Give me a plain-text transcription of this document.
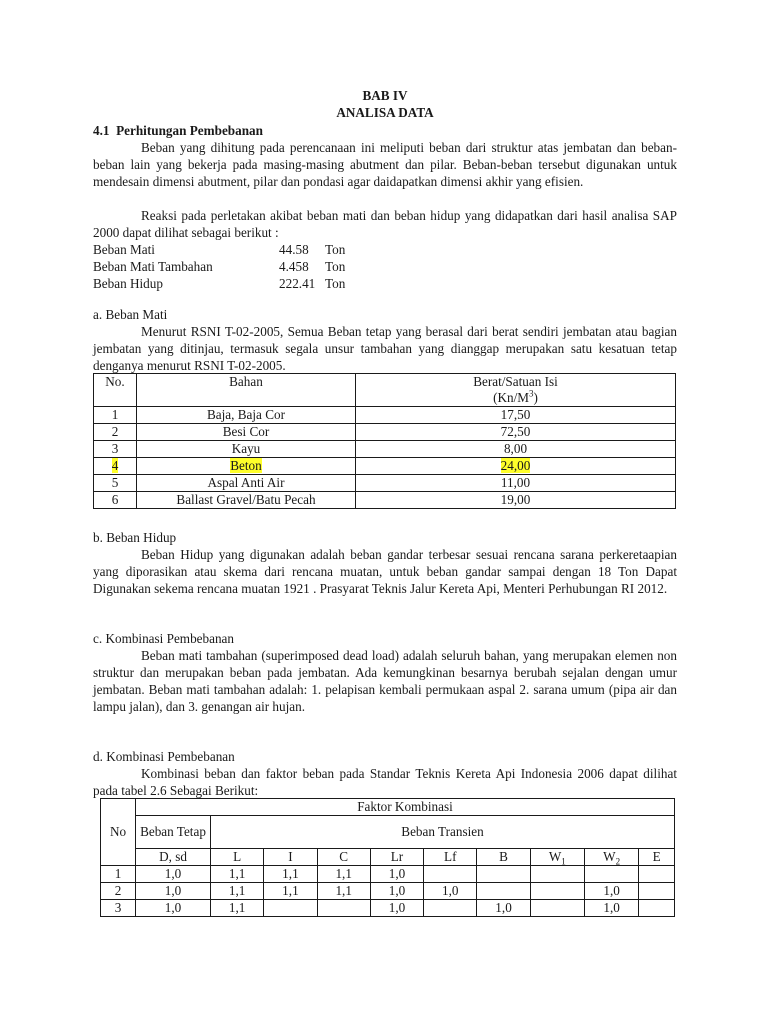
BAB IV
ANALISA DATA
4.1 Perhitungan Pembebanan
Beban yang dihitung pada perencanaan ini meliputi beban dari struktur atas jembatan dan beban-beban lain yang bekerja pada masing-masing abutment dan pilar. Beban-beban tersebut digunakan untuk mendesain dimensi abutment, pilar dan pondasi agar daidapatkan dimensi akhir yang efisien.
Reaksi pada perletakan akibat beban mati dan beban hidup yang didapatkan dari hasil analisa SAP 2000 dapat dilihat sebagai berikut :
Beban Mati	44.58	Ton
Beban Mati Tambahan	4.458	Ton
Beban Hidup	222.41 Ton
a. Beban Mati
Menurut RSNI T-02-2005, Semua Beban tetap yang berasal dari berat sendiri jembatan atau bagian jembatan yang ditinjau, termasuk segala unsur tambahan yang dianggap merupakan satu kesatuan tetap denganya menurut RSNI T-02-2005.
No.	Bahan	Berat/Satuan Isi
$(Kn/M^3)$

1	Baja, Baja Cor	17,50
2	Besi Cor	72,50
3	Kayu	8,00
4	Beton	24,00
5	Aspal Anti Air	11,00
6	Ballast Gravel/Batu Pecah	19,00
b. Beban Hidup
Beban Hidup yang digunakan adalah beban gandar terbesar sesuai rencana sarana perkeretaapian yang diporasikan atau skema dari rencana muatan, untuk beban gandar sampai dengan 18 Ton Dapat Digunakan sekema rencana muatan 1921 . Prasyarat Teknis Jalur Kereta Api, Menteri Perhubungan RI 2012.
c. Kombinasi Pembebanan
Beban mati tambahan (superimposed dead load) adalah seluruh bahan, yang merupakan elemen non struktur dan merupakan beban pada jembatan. Ada kemungkinan besarnya berubah sejalan dengan umur jembatan. Beban mati tambahan adalah: 1. pelapisan kembali permukaan aspal 2. sarana umum (pipa air dan lampu jalan), dan 3. genangan air hujan.
d. Kombinasi Pembebanan
Kombinasi beban dan faktor beban pada Standar Teknis Kereta Api Indonesia 2006 dapat dilihat pada tabel 2.6 Sebagai Berikut:
No	Faktor Kombinasi									
	Beban Tetap	Beban Transien								
	D, sd	L	I	C	Lr	Lf	B	$W_1$	$W_2$	E
1	1,0	1,1	1,1	1,1	1,0					
2	1,0	1,1	1,1	1,1	1,0	1,0			1,0	
3	1,0	1,1			1,0		1,0		1,0	
